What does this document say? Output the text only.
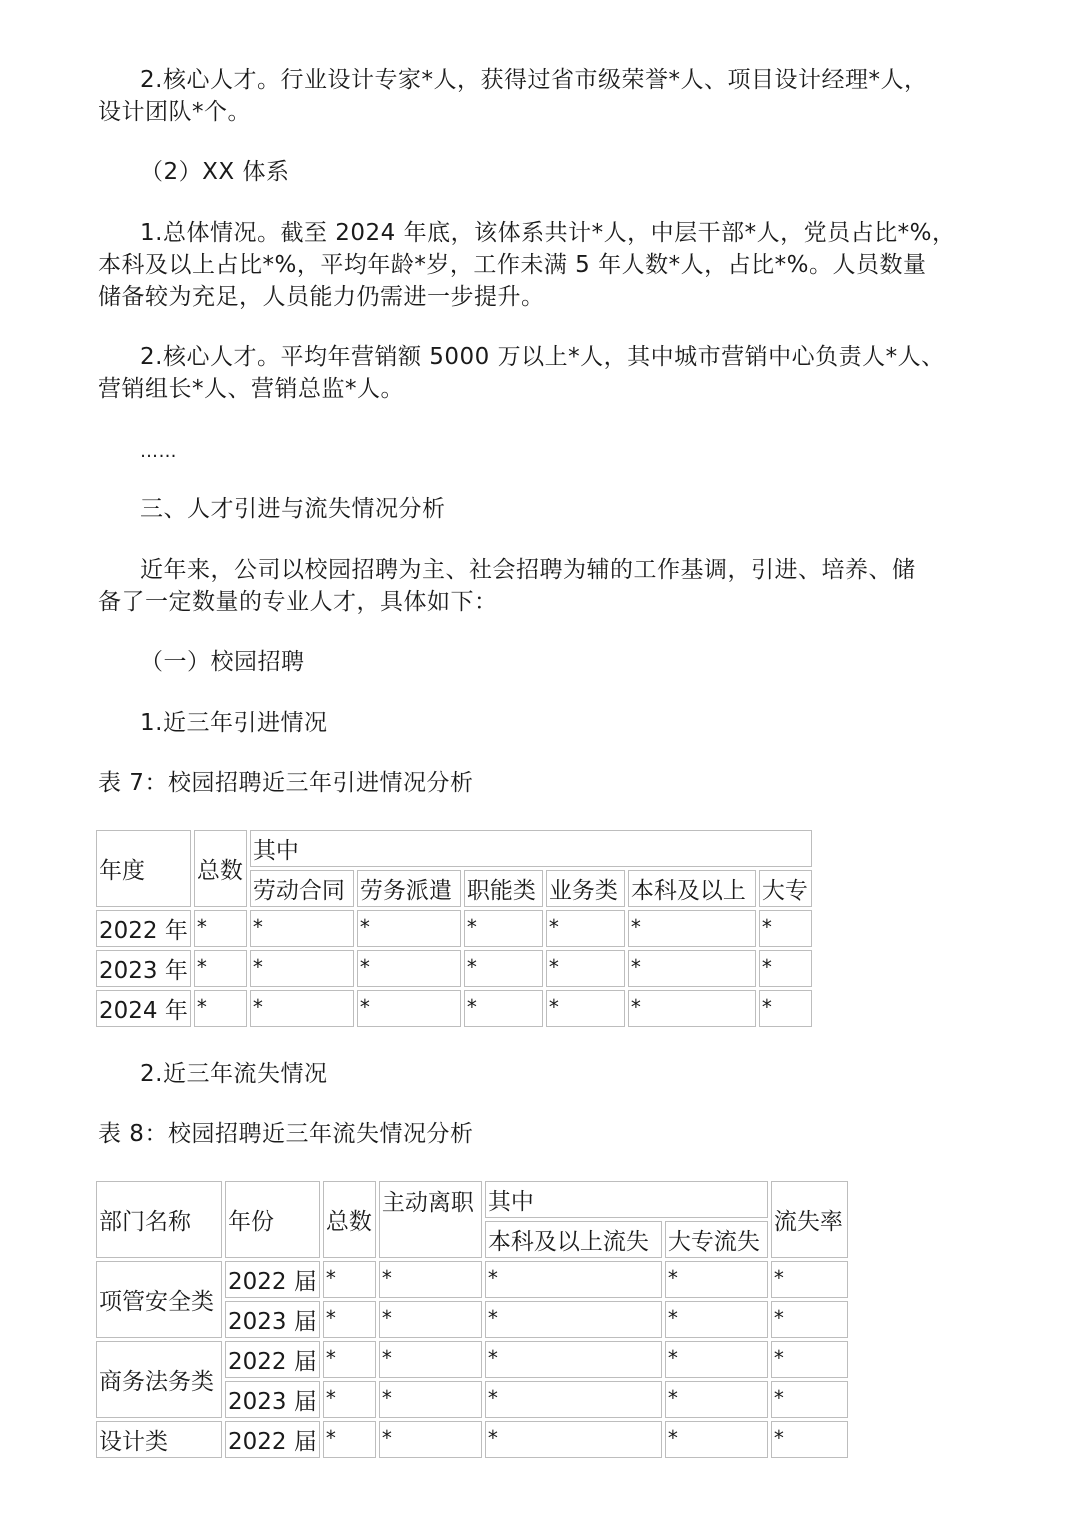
2.核心人才。行业设计专家*人，获得过省市级荣誉*人、项目设计经理*人，

设计团队*个。

（2）XX 体系

1.总体情况。截至 2024 年底，该体系共计*人，中层干部*人，党员占比*%，

本科及以上占比*%，平均年龄*岁，工作未满 5 年人数*人，占比*%。人员数量

储备较为充足，人员能力仍需进一步提升。

2.核心人才。平均年营销额 5000 万以上*人，其中城市营销中心负责人*人、

营销组长*人、营销总监*人。

……

三、人才引进与流失情况分析

近年来，公司以校园招聘为主、社会招聘为辅的工作基调，引进、培养、储

备了一定数量的专业人才，具体如下：

（一）校园招聘

1.近三年引进情况

表 7：校园招聘近三年引进情况分析

年度	总数	其中					
		劳动合同	劳务派遣	职能类	业务类	本科及以上	大专
2022 年	*	*	*	*	*	*	*
2023 年	*	*	*	*	*	*	*
2024 年	*	*	*	*	*	*	*

2.近三年流失情况

表 8：校园招聘近三年流失情况分析

部门名称	年份	总数	主动离职	其中		流失率
				本科及以上流失	大专流失	
项管安全类	2022 届	*	*	*	*	*
	2023 届	*	*	*	*	*
商务法务类	2022 届	*	*	*	*	*
	2023 届	*	*	*	*	*
设计类	2022 届	*	*	*	*	*
